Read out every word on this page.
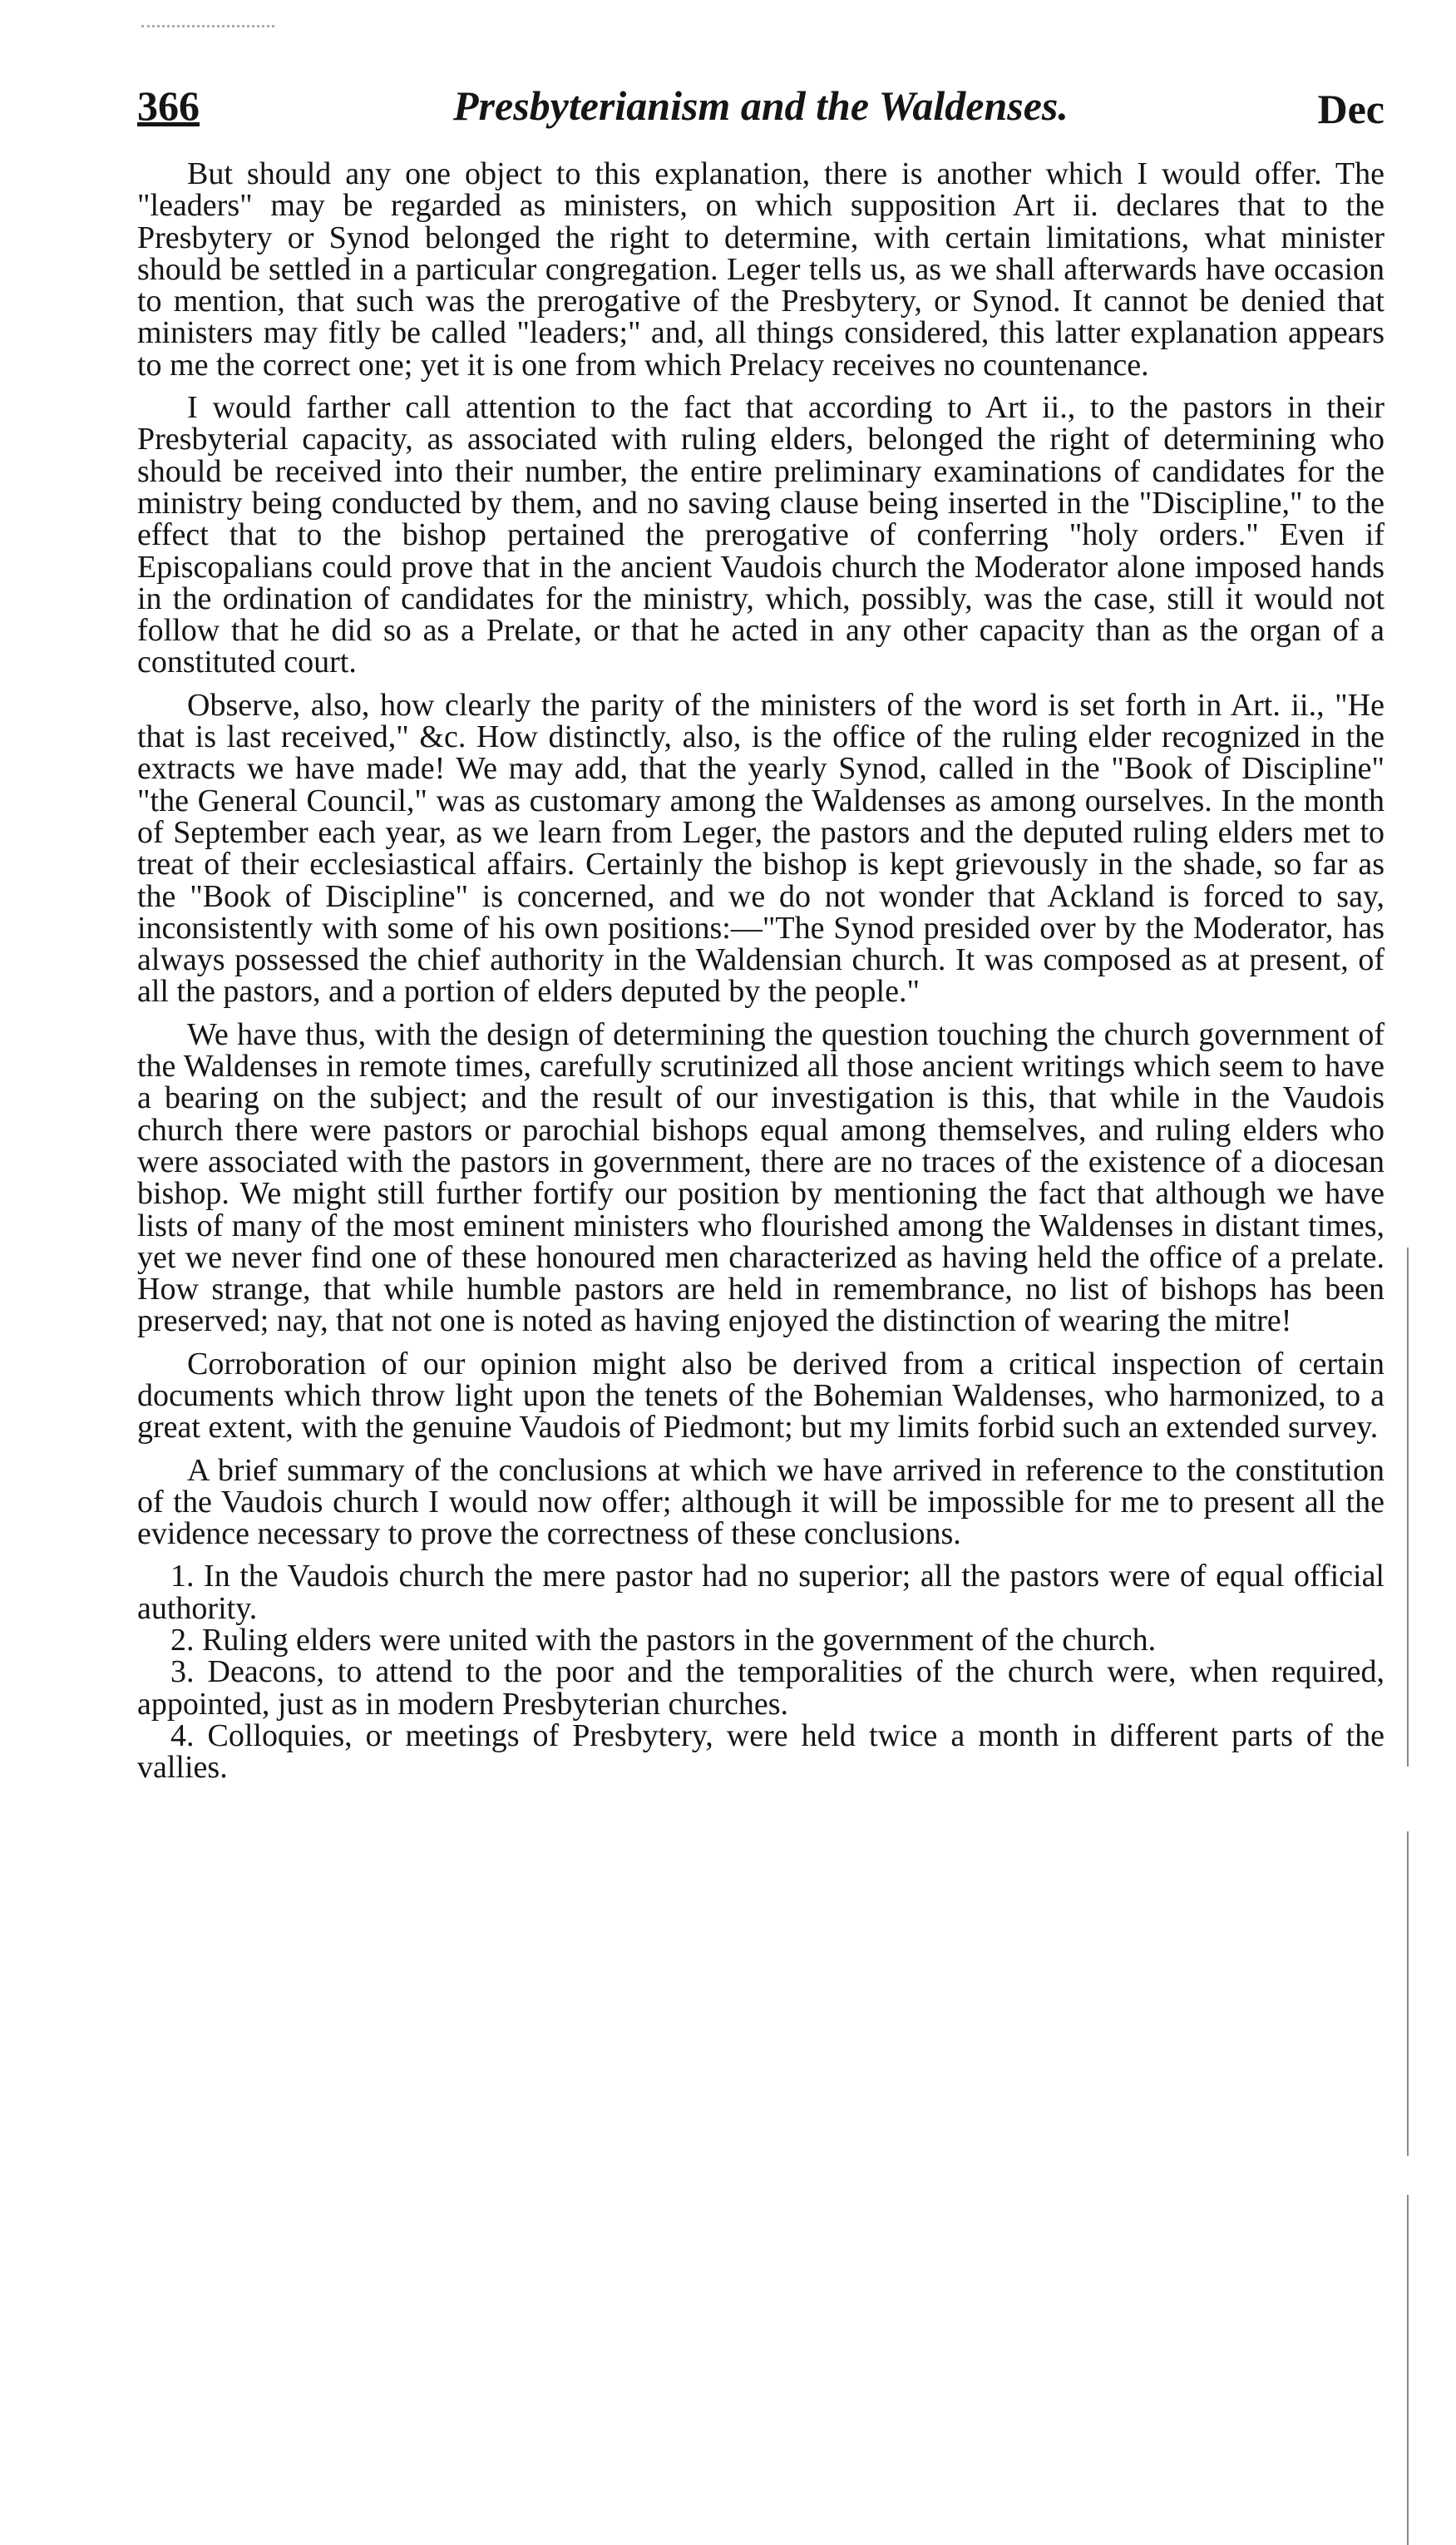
366	Presbyterianism and the Waldenses.	Dec

But should any one object to this explanation, there is another which I would offer. The "leaders" may be regarded as ministers, on which supposition Art ii. declares that to the Presbytery or Synod belonged the right to determine, with certain limitations, what minister should be settled in a particular congregation. Leger tells us, as we shall afterwards have occasion to mention, that such was the prerogative of the Presbytery, or Synod. It cannot be denied that ministers may fitly be called "leaders;" and, all things considered, this latter explanation appears to me the correct one; yet it is one from which Prelacy receives no countenance.

I would farther call attention to the fact that according to Art ii., to the pastors in their Presbyterial capacity, as associated with ruling elders, belonged the right of determining who should be received into their number, the entire preliminary examinations of candidates for the ministry being conducted by them, and no saving clause being inserted in the "Discipline," to the effect that to the bishop pertained the prerogative of conferring "holy orders." Even if Episcopalians could prove that in the ancient Vaudois church the Moderator alone imposed hands in the ordination of candidates for the ministry, which, possibly, was the case, still it would not follow that he did so as a Prelate, or that he acted in any other capacity than as the organ of a constituted court.

Observe, also, how clearly the parity of the ministers of the word is set forth in Art. ii., "He that is last received," &c. How distinctly, also, is the office of the ruling elder recognized in the extracts we have made! We may add, that the yearly Synod, called in the "Book of Discipline" "the General Council," was as customary among the Waldenses as among ourselves. In the month of September each year, as we learn from Leger, the pastors and the deputed ruling elders met to treat of their ecclesiastical affairs. Certainly the bishop is kept grievously in the shade, so far as the "Book of Discipline" is concerned, and we do not wonder that Ackland is forced to say, inconsistently with some of his own positions:—"The Synod presided over by the Moderator, has always possessed the chief authority in the Waldensian church. It was composed as at present, of all the pastors, and a portion of elders deputed by the people."

We have thus, with the design of determining the question touching the church government of the Waldenses in remote times, carefully scrutinized all those ancient writings which seem to have a bearing on the subject; and the result of our investigation is this, that while in the Vaudois church there were pastors or parochial bishops equal among themselves, and ruling elders who were associated with the pastors in government, there are no traces of the existence of a diocesan bishop. We might still further fortify our position by mentioning the fact that although we have lists of many of the most eminent ministers who flourished among the Waldenses in distant times, yet we never find one of these honoured men characterized as having held the office of a prelate. How strange, that while humble pastors are held in remembrance, no list of bishops has been preserved; nay, that not one is noted as having enjoyed the distinction of wearing the mitre!

Corroboration of our opinion might also be derived from a critical inspection of certain documents which throw light upon the tenets of the Bohemian Waldenses, who harmonized, to a great extent, with the genuine Vaudois of Piedmont; but my limits forbid such an extended survey.

A brief summary of the conclusions at which we have arrived in reference to the constitution of the Vaudois church I would now offer; although it will be impossible for me to present all the evidence necessary to prove the correctness of these conclusions.

1. In the Vaudois church the mere pastor had no superior; all the pastors were of equal official authority.

2. Ruling elders were united with the pastors in the government of the church.

3. Deacons, to attend to the poor and the temporalities of the church were, when required, appointed, just as in modern Presbyterian churches.

4. Colloquies, or meetings of Presbytery, were held twice a month in different parts of the vallies.
